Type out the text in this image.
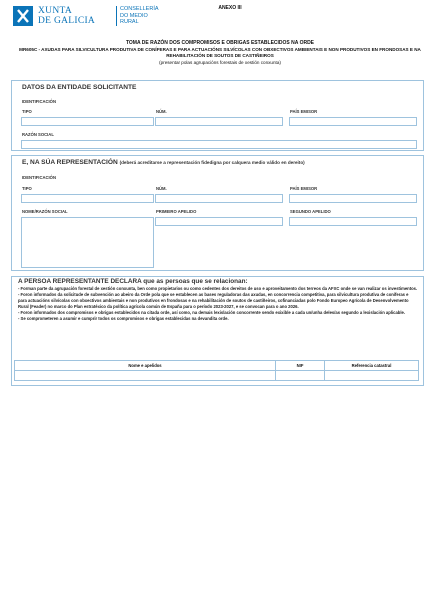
XUNTA
DE GALICIA
CONSELLERÍA
DO MEDIO
RURAL
ANEXO III
TOMA DE RAZÓN DOS COMPROMISOS E OBRIGAS ESTABLECIDOS NA ORDE
MR605C - AXUDAS PARA SILVICULTURA PRODUTIVA DE CONÍFERAS E PARA ACTUACIÓNS SILVÍCOLAS CON OBXECTIVOS AMBIENTAIS E NON PRODUTIVOS EN FRONDOSAS E NA REHABILITACIÓN DE SOUTOS DE CASTIÑEIROS
(presentar polas agrupacións forestais de xestión conxunta)
DATOS DA ENTIDADE SOLICITANTE
IDENTIFICACIÓN
TIPO	NÚM.	PAÍS EMISOR
RAZÓN SOCIAL
E, NA SÚA REPRESENTACIÓN (deberá acreditarse a representación fidedigna por calquera medio válido en dereito)
IDENTIFICACIÓN
TIPO	NÚM.	PAÍS EMISOR
NOME/RAZÓN SOCIAL	PRIMEIRO APELIDO	SEGUNDO APELIDO
A PERSOA REPRESENTANTE DECLARA que as persoas que se relacionan:
- Forman parte da agrupación forestal de xestión conxunta, ben como propietarios ou como cedentes dos dereitos de uso e aproveitamento dos terreos da AFXC onde se van realizar os investimentos.
- Foron informados da solicitude de subvención ao abeiro da Orde pola que se establecen as bases reguladoras das axudas, en concorrencia competitiva, para silvicultura produtiva de coníferas e para actuacións silvícolas con obxectivos ambientais e non produtivos en frondosas e na rehabilitación de soutos de castiñeiros, cofinanciadas polo Fondo Europeo Agrícola de Desenvolvemento Rural (Feader) no marco do Plan estratéxico da política agrícola común de España para o período 2023-2027, e se convocan para o ano 2026.
- Foron informados dos compromisos e obrigas establecidos na citada orde, así como, na demais lexislación concorrente sendo exixible a cada un/unha deles/as segundo a lexislación aplicable.
- Se comprometeren a asumir e cumprir todos os compromisos e obrigas establecidas na devandita orde.
Nome e apelidos	NIF	Referencia catastral
